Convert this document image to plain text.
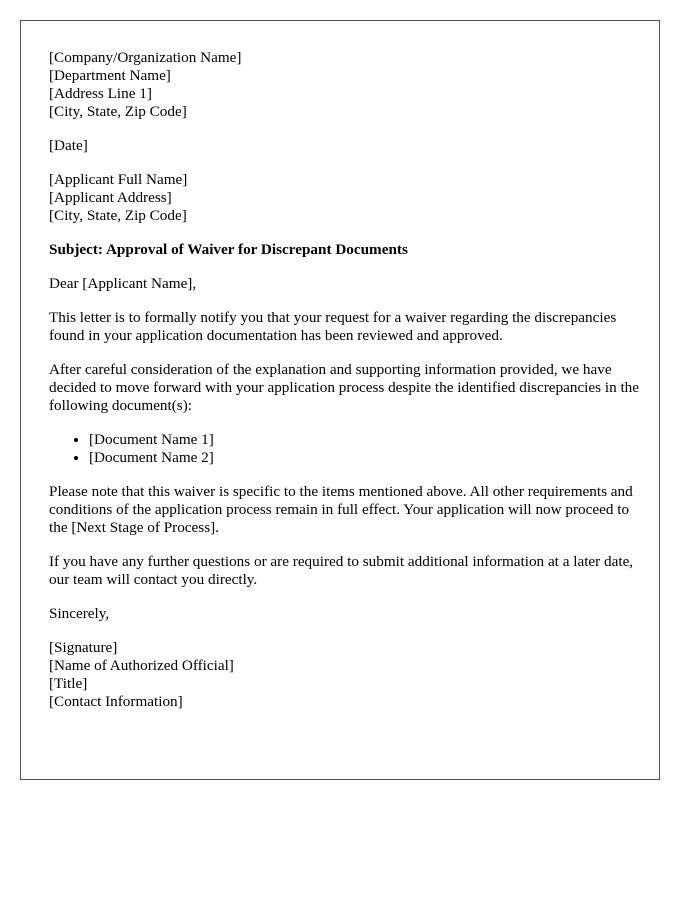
[Company/Organization Name]
[Department Name]
[Address Line 1]
[City, State, Zip Code]

[Date]

[Applicant Full Name]
[Applicant Address]
[City, State, Zip Code]

Subject: Approval of Waiver for Discrepant Documents

Dear [Applicant Name],

This letter is to formally notify you that your request for a waiver regarding the discrepancies found in your application documentation has been reviewed and approved.

After careful consideration of the explanation and supporting information provided, we have decided to move forward with your application process despite the identified discrepancies in the following document(s):

• [Document Name 1]
• [Document Name 2]

Please note that this waiver is specific to the items mentioned above. All other requirements and conditions of the application process remain in full effect. Your application will now proceed to the [Next Stage of Process].

If you have any further questions or are required to submit additional information at a later date, our team will contact you directly.

Sincerely,

[Signature]
[Name of Authorized Official]
[Title]
[Contact Information]
